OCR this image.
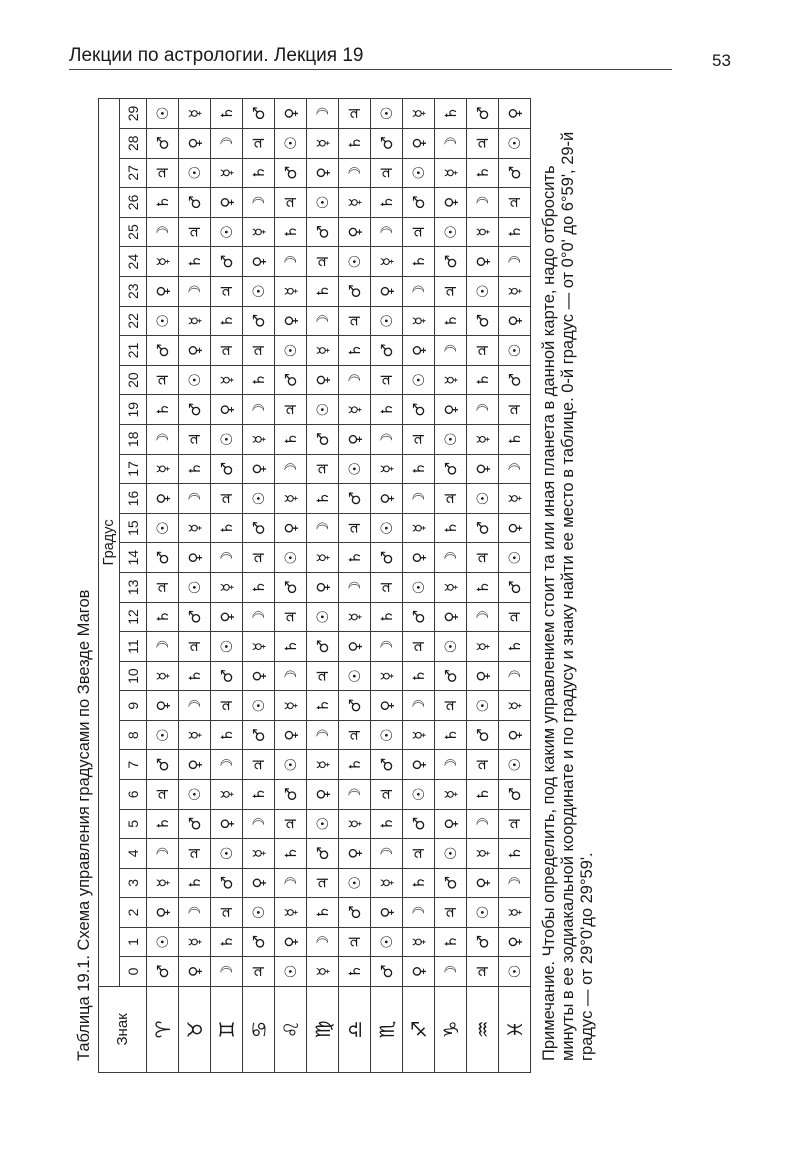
Лекции по астрологии. Лекция 19	53
Таблица 19.1. Схема управления градусами по Звезде Магов	Знак	Градус																													
	0	1	2	3	4	5	6	7	8	9	10	11	12	13	14	15	16	17	18	19	20	21	22	23	24	25	26	27	28	29
♈	♂	☉	♀	☿	☽	♄	♃	♂	☉	♀	☿	☽	♄	♃	♂	☉	♀	☿	☽	♄	♃	♂	☉	♀	☿	☽	♄	♃	♂	☉
♉	♀	☿	☽	♄	♃	♂	☉	♀	☿	☽	♄	♃	♂	☉	♀	☿	☽	♄	♃	♂	☉	♀	☿	☽	♄	♃	♂	☉	♀	☿
♊	☽	♄	♃	♂	☉	♀	☿	☽	♄	♃	♂	☉	♀	☿	☽	♄	♃	♂	☉	♀	☿	♃	♄	♃	♂	☉	♀	☿	☽	♄
♋	♃	♂	☉	♀	☿	☽	♄	♃	♂	☉	♀	☿	☽	♄	♃	♂	☉	♀	☿	☽	♄	♃	♂	☉	♀	☿	☽	♄	♃	♂
♌	☉	♀	☿	☽	♄	♃	♂	☉	♀	☿	☽	♄	♃	♂	☉	♀	☿	☽	♄	♃	♂	☉	♀	☿	☽	♄	♃	♂	☉	♀
♍	☿	☽	♄	♃	♂	☉	♀	☿	☽	♄	♃	♂	☉	♀	☿	☽	♄	♃	♂	☉	♀	☿	☽	♄	♃	♂	☉	♀	☿	☽
♎	♄	♃	♂	☉	♀	☿	☽	♄	♃	♂	☉	♀	☿	☽	♄	♃	♂	☉	♀	☿	☽	♄	♃	♂	☉	♀	☿	☽	♄	♃
♏	♂	☉	♀	☿	☽	♄	♃	♂	☉	♀	☿	☽	♄	♃	♂	☉	♀	☿	☽	♄	♃	♂	☉	♀	☿	☽	♄	♃	♂	☉
♐	♀	☿	☽	♄	♃	♂	☉	♀	☿	☽	♄	♃	♂	☉	♀	☿	☽	♄	♃	♂	☉	♀	☿	☽	♄	♃	♂	☉	♀	☿
♑	☽	♄	♃	♂	☉	♀	☿	☽	♄	♃	♂	☉	♀	☿	☽	♄	♃	♂	☉	♀	☿	☽	♄	♃	♂	☉	♀	☿	☽	♄
♒	♃	♂	☉	♀	☿	☽	♄	♃	♂	☉	♀	☿	☽	♄	♃	♂	☉	♀	☿	☽	♄	♃	♂	☉	♀	☿	☽	♄	♃	♂
♓	☉	♀	☿	☽	♄	♃	♂	☉	♀	☿	☽	♄	♃	♂	☉	♀	☿	☽	♄	♃	♂	☉	♀	☿	☽	♄	♃	♂	☉	♀

Примечание. Чтобы определить, под каким управлением стоит та или иная планета в данной карте, надо отбросить минуты в ее зодиакальной координате и по градусу и знаку найти ее место в таблице. 0-й градус — от 0°0' до 6°59', 29-й градус — от 29°0'до 29°59'.
